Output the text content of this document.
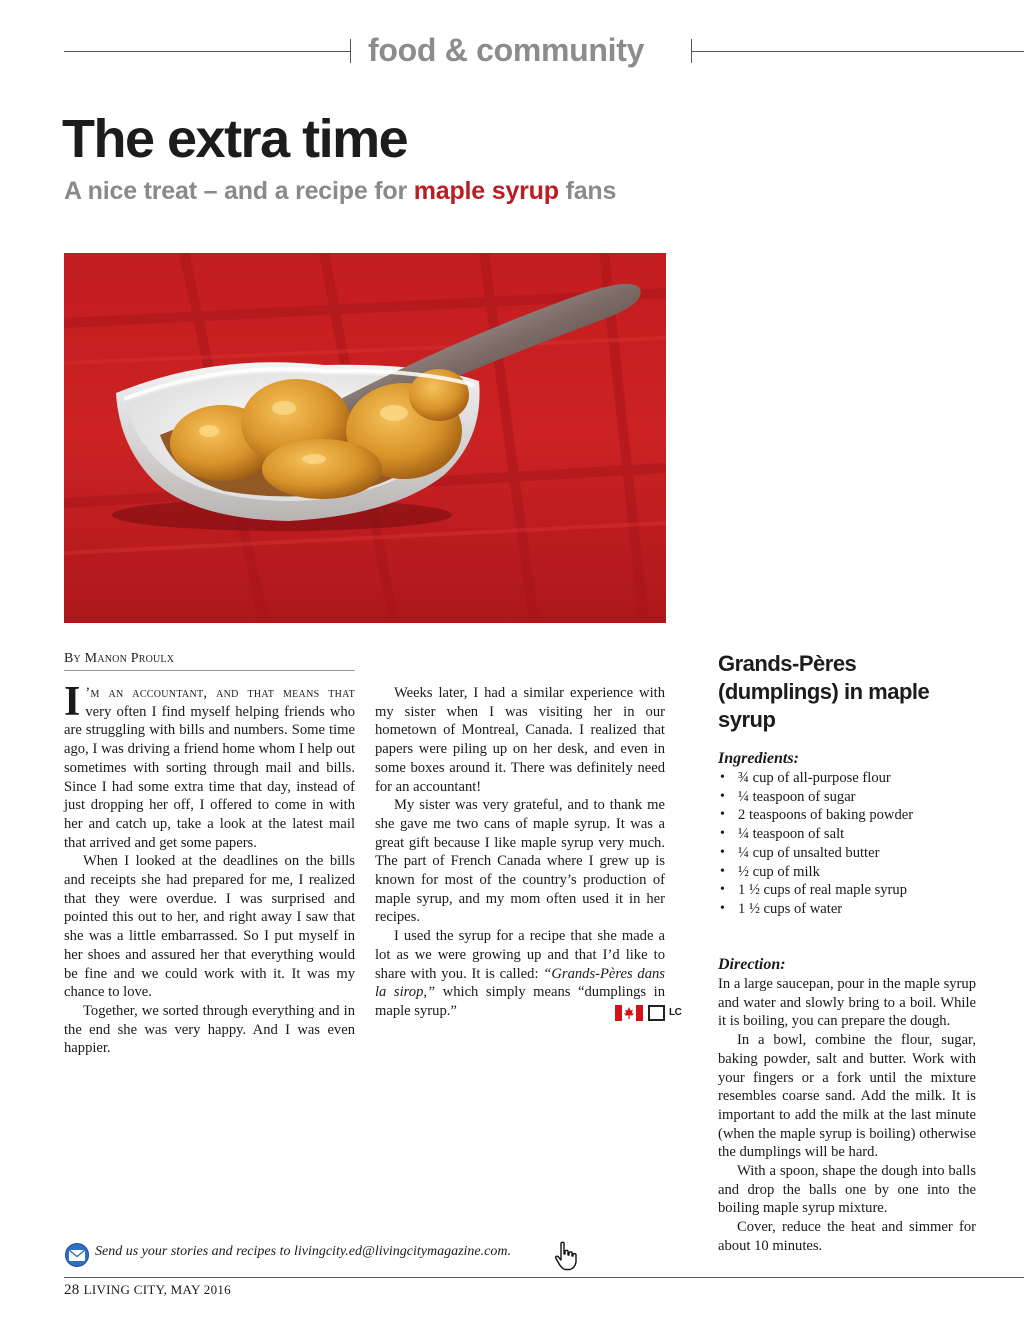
food & community
The extra time
A nice treat – and a recipe for maple syrup fans
By Manon Proulx

I ’m an accountant, and that means that very often I find myself helping friends who are struggling with bills and numbers. Some time ago, I was driving a friend home whom I help out sometimes with sorting through mail and bills. Since I had some extra time that day, instead of just dropping her off, I offered to come in with her and catch up, take a look at the latest mail that arrived and get some papers.

When I looked at the deadlines on the bills and receipts she had prepared for me, I realized that they were overdue. I was surprised and pointed this out to her, and right away I saw that she was a little embarrassed. So I put myself in her shoes and assured her that everything would be fine and we could work with it. It was my chance to love.

Together, we sorted through everything and in the end she was very happy. And I was even happier.

Weeks later, I had a similar experience with my sister when I was visiting her in our hometown of Montreal, Canada. I realized that papers were piling up on her desk, and even in some boxes around it. There was definitely need for an accountant!

My sister was very grateful, and to thank me she gave me two cans of maple syrup. It was a great gift because I like maple syrup very much. The part of French Canada where I grew up is known for most of the country’s production of maple syrup, and my mom often used it in her recipes.

I used the syrup for a recipe that she made a lot as we were growing up and that I’d like to share with you. It is called: “Grands-Pères dans la sirop,” which simply means “dumplings in maple syrup.”	LC

Grands-Pères (dumplings) in maple syrup
Ingredients:
• ¾ cup of all-purpose flour
• ¼ teaspoon of sugar
• 2 teaspoons of baking powder
• ¼ teaspoon of salt
• ¼ cup of unsalted butter
• ½ cup of milk
• 1 ½ cups of real maple syrup
• 1 ½ cups of water
Direction:

In a large saucepan, pour in the maple syrup and water and slowly bring to a boil. While it is boiling, you can prepare the dough.

In a bowl, combine the flour, sugar, baking powder, salt and butter. Work with your fingers or a fork until the mixture resembles coarse sand. Add the milk. It is important to add the milk at the last minute (when the maple syrup is boiling) otherwise the dumplings will be hard.

With a spoon, shape the dough into balls and drop the balls one by one into the boiling maple syrup mixture.

Cover, reduce the heat and simmer for about 10 minutes.

Send us your stories and recipes to livingcity.ed@livingcitymagazine.com.
28 LIVING CITY, MAY 2016
